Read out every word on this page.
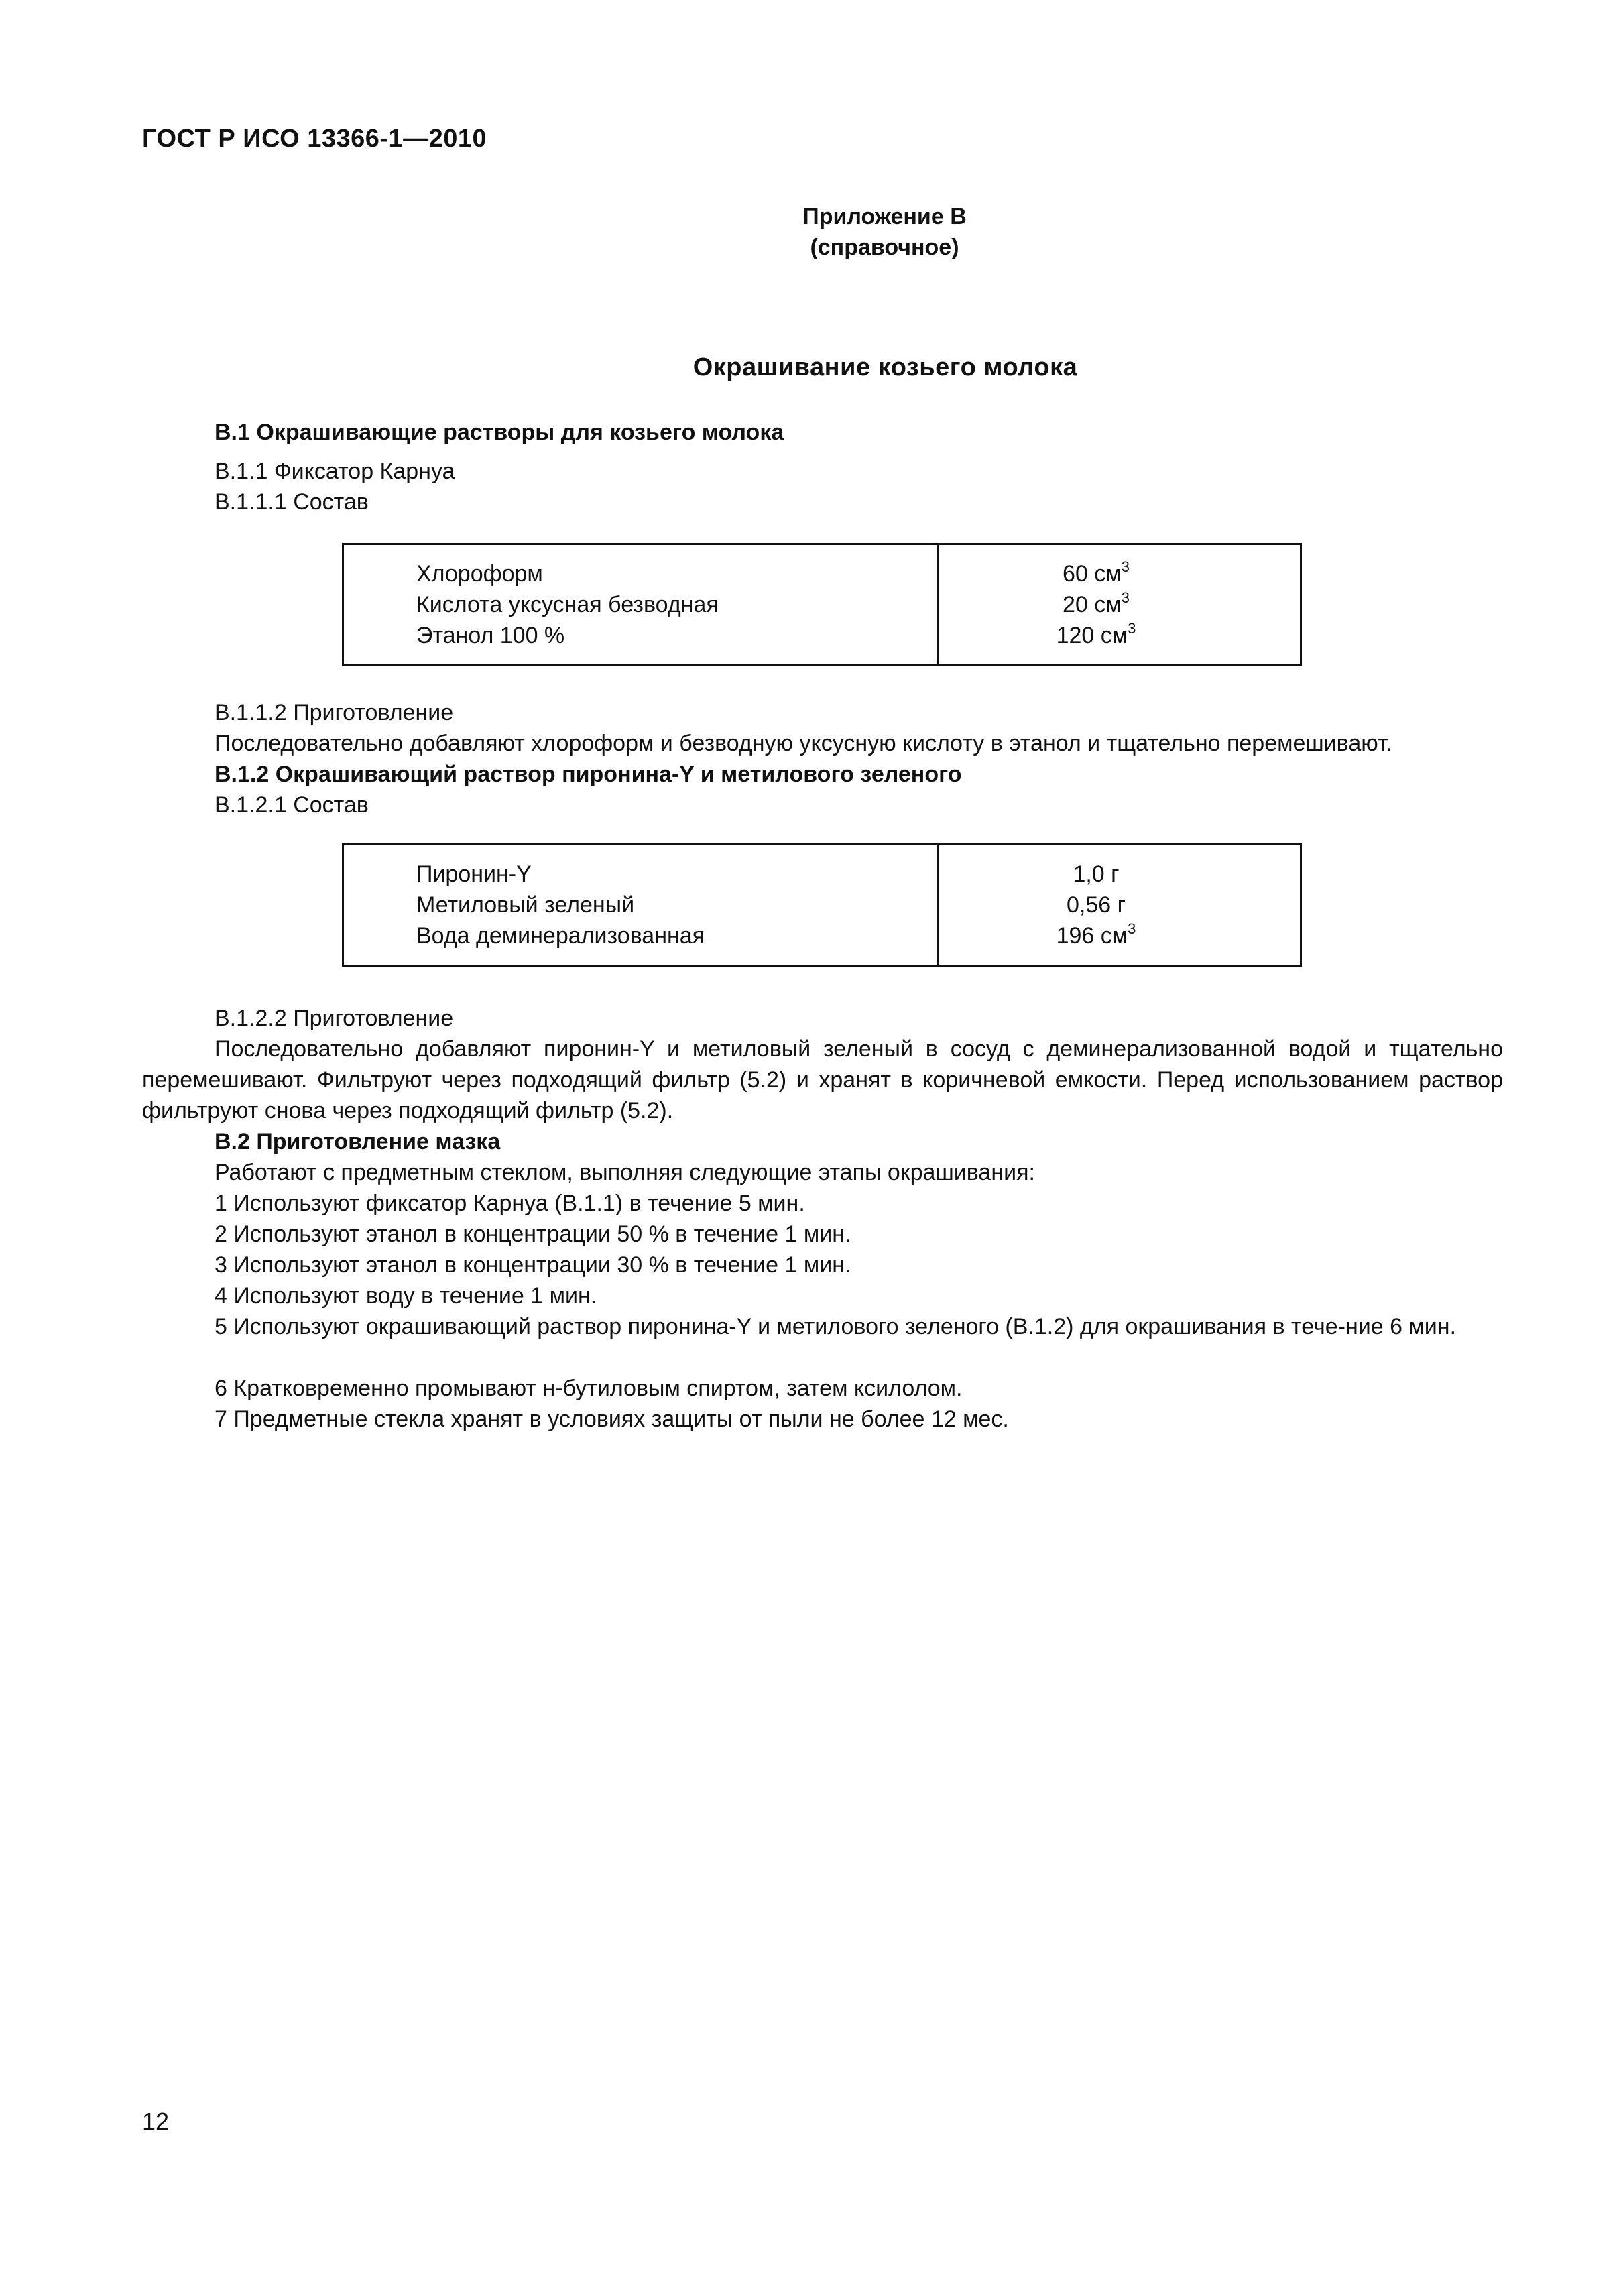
ГОСТ Р ИСО 13366-1—2010
Приложение В
(справочное)
Окрашивание козьего молока
В.1 Окрашивающие растворы для козьего молока
В.1.1 Фиксатор Карнуа
В.1.1.1 Состав
Хлороформ
Кислота уксусная безводная
Этанол 100 %
60 $см^3$
20 $см^3$
120 $см^3$
В.1.1.2 Приготовление
Последовательно добавляют хлороформ и безводную уксусную кислоту в этанол и тщательно перемешивают.
В.1.2 Окрашивающий раствор пиронина-Y и метилового зеленого
В.1.2.1 Состав
Пиронин-Y
Метиловый зеленый
Вода деминерализованная
1,0 г
0,56 г
196 $см^3$
В.1.2.2 Приготовление
Последовательно добавляют пиронин-Y и метиловый зеленый в сосуд с деминерализованной водой и тщательно перемешивают. Фильтруют через подходящий фильтр (5.2) и хранят в коричневой емкости. Перед использованием раствор фильтруют снова через подходящий фильтр (5.2).
В.2 Приготовление мазка
Работают с предметным стеклом, выполняя следующие этапы окрашивания:
1 Используют фиксатор Карнуа (В.1.1) в течение 5 мин.
2 Используют этанол в концентрации 50 % в течение 1 мин.
3 Используют этанол в концентрации 30 % в течение 1 мин.
4 Используют воду в течение 1 мин.
5 Используют окрашивающий раствор пиронина-Y и метилового зеленого (В.1.2) для окрашивания в тече-ние 6 мин.
6 Кратковременно промывают н-бутиловым спиртом, затем ксилолом.
7 Предметные стекла хранят в условиях защиты от пыли не более 12 мес.
12
